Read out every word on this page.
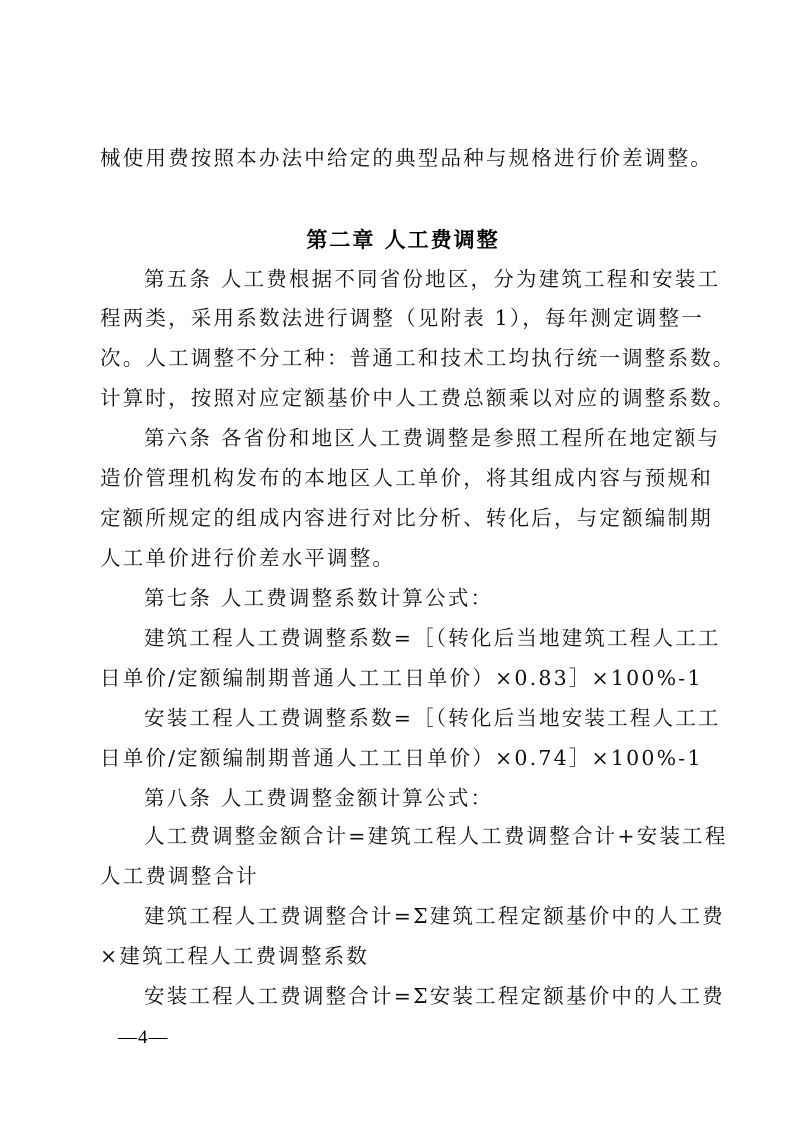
械使用费按照本办法中给定的典型品种与规格进行价差调整。
第二章 人工费调整
第五条 人工费根据不同省份地区，分为建筑工程和安装工
程两类，采用系数法进行调整（见附表 1），每年测定调整一
次。人工调整不分工种：普通工和技术工均执行统一调整系数。
计算时，按照对应定额基价中人工费总额乘以对应的调整系数。
第六条 各省份和地区人工费调整是参照工程所在地定额与
造价管理机构发布的本地区人工单价，将其组成内容与预规和
定额所规定的组成内容进行对比分析、转化后，与定额编制期
人工单价进行价差水平调整。
第七条 人工费调整系数计算公式：
建筑工程人工费调整系数=［（转化后当地建筑工程人工工
日单价/定额编制期普通人工工日单价）×0.83］×100%-1
安装工程人工费调整系数=［（转化后当地安装工程人工工
日单价/定额编制期普通人工工日单价）×0.74］×100%-1
第八条 人工费调整金额计算公式：
人工费调整金额合计=建筑工程人工费调整合计+安装工程
人工费调整合计
建筑工程人工费调整合计=Σ建筑工程定额基价中的人工费
×建筑工程人工费调整系数
安装工程人工费调整合计=Σ安装工程定额基价中的人工费
—4—
